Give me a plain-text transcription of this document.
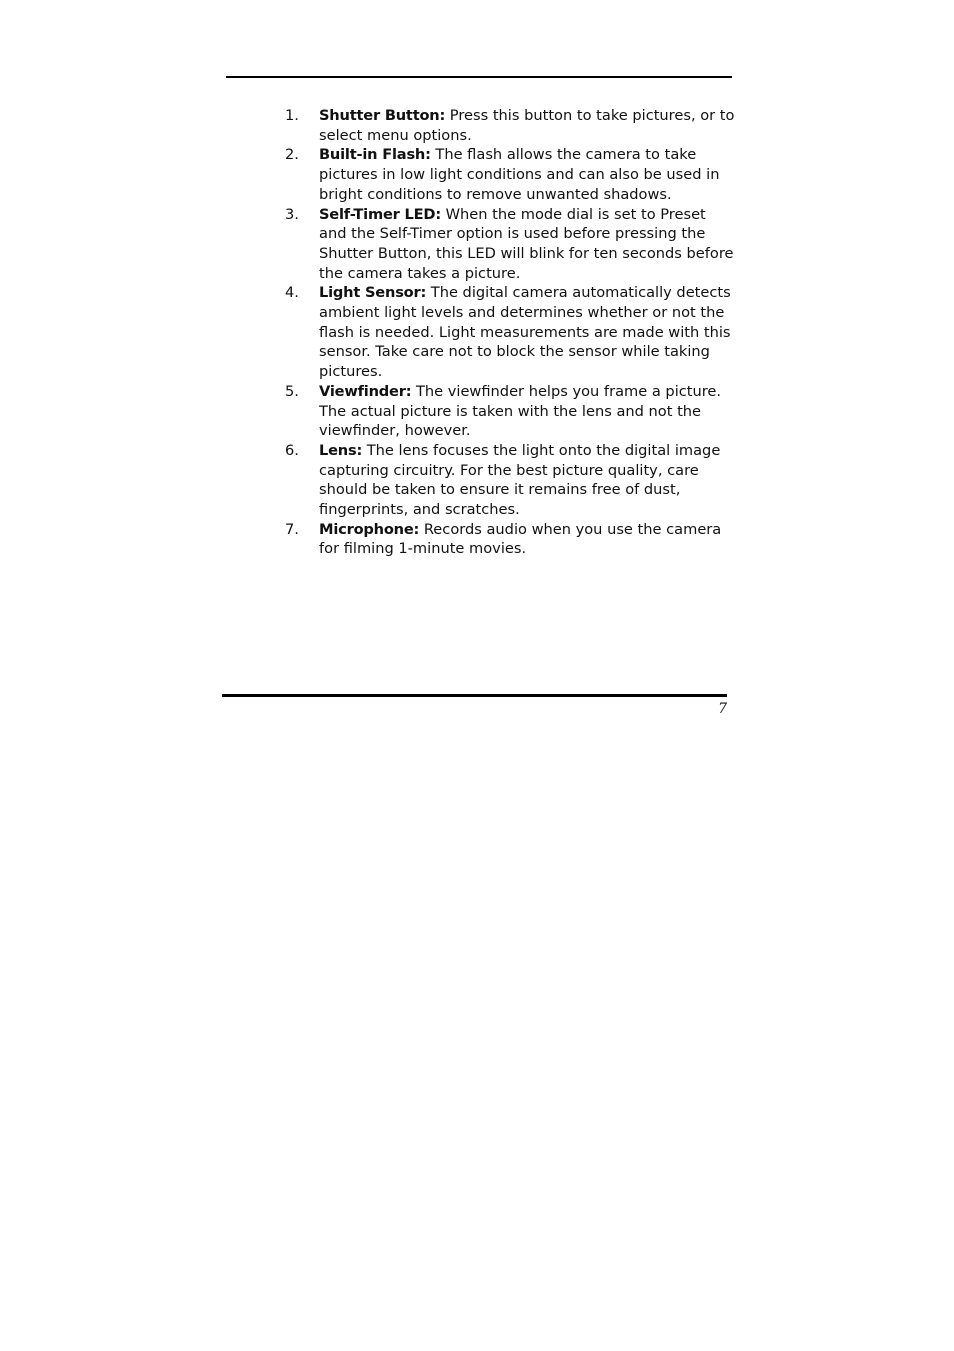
1.	Shutter Button: Press this button to take pictures, or to select menu options.
2.	Built-in Flash: The flash allows the camera to take pictures in low light conditions and can also be used in bright conditions to remove unwanted shadows.
3.	Self-Timer LED: When the mode dial is set to Preset and the Self-Timer option is used before pressing the Shutter Button, this LED will blink for ten seconds before the camera takes a picture.
4.	Light Sensor: The digital camera automatically detects ambient light levels and determines whether or not the flash is needed. Light measurements are made with this sensor. Take care not to block the sensor while taking pictures.
5.	Viewfinder: The viewfinder helps you frame a picture. The actual picture is taken with the lens and not the viewfinder, however.
6.	Lens: The lens focuses the light onto the digital image capturing circuitry. For the best picture quality, care should be taken to ensure it remains free of dust, fingerprints, and scratches.
7.	Microphone: Records audio when you use the camera for filming 1-minute movies.
7
